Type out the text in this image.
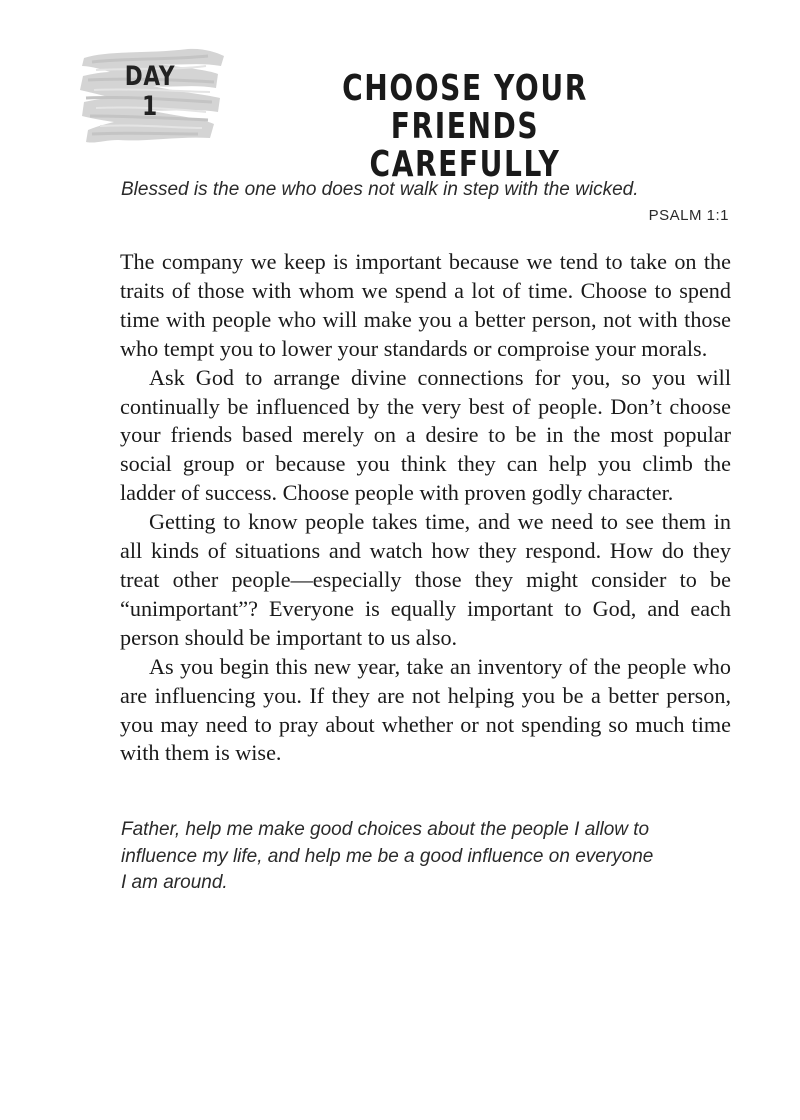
DAY
1	CHOOSE YOUR FRIENDS
CAREFULLY
Blessed is the one who does not walk in step with the wicked.
PSALM 1:1

The company we keep is important because we tend to take on the traits of those with whom we spend a lot of time. Choose to spend time with people who will make you a better person, not with those who tempt you to lower your standards or comproise your morals.

Ask God to arrange divine connections for you, so you will continually be influenced by the very best of people. Don’t choose your friends based merely on a desire to be in the most popular social group or because you think they can help you climb the ladder of success. Choose people with proven godly character.

Getting to know people takes time, and we need to see them in all kinds of situations and watch how they respond. How do they treat other people—especially those they might consider to be “unimportant”? Everyone is equally important to God, and each person should be important to us also.

As you begin this new year, take an inventory of the people who are influencing you. If they are not helping you be a better person, you may need to pray about whether or not spending so much time with them is wise.

Father, help me make good choices about the people I allow to
influence my life, and help me be a good influence on everyone
I am around.
